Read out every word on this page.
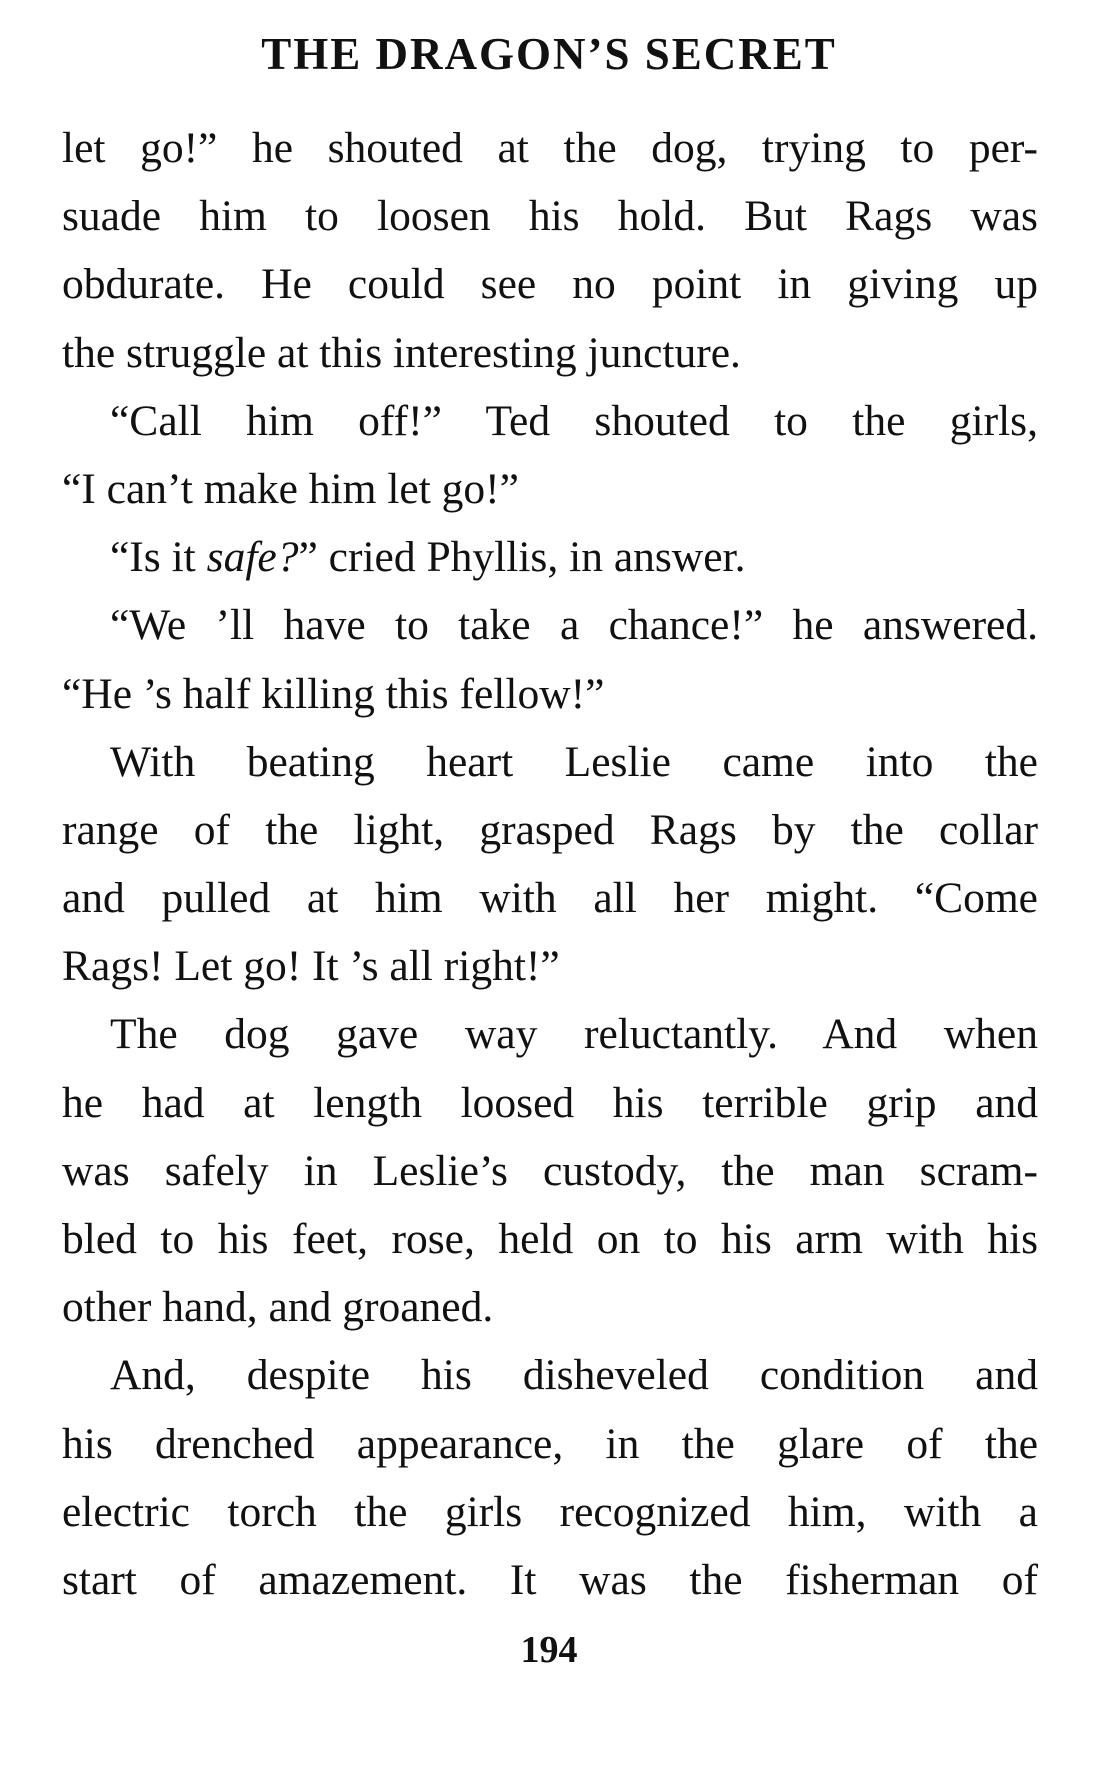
THE DRAGON’S SECRET
let go!” he shouted at the dog, trying to per-
suade him to loosen his hold. But Rags was
obdurate. He could see no point in giving up
the struggle at this interesting juncture.
“Call him off!” Ted shouted to the girls,
“I can’t make him let go!”
“Is it safe?” cried Phyllis, in answer.
“We ’ll have to take a chance!” he answered.
“He ’s half killing this fellow!”
With beating heart Leslie came into the
range of the light, grasped Rags by the collar
and pulled at him with all her might. “Come
Rags! Let go! It ’s all right!”
The dog gave way reluctantly. And when
he had at length loosed his terrible grip and
was safely in Leslie’s custody, the man scram-
bled to his feet, rose, held on to his arm with his
other hand, and groaned.
And, despite his disheveled condition and
his drenched appearance, in the glare of the
electric torch the girls recognized him, with a
start of amazement. It was the fisherman of
194
